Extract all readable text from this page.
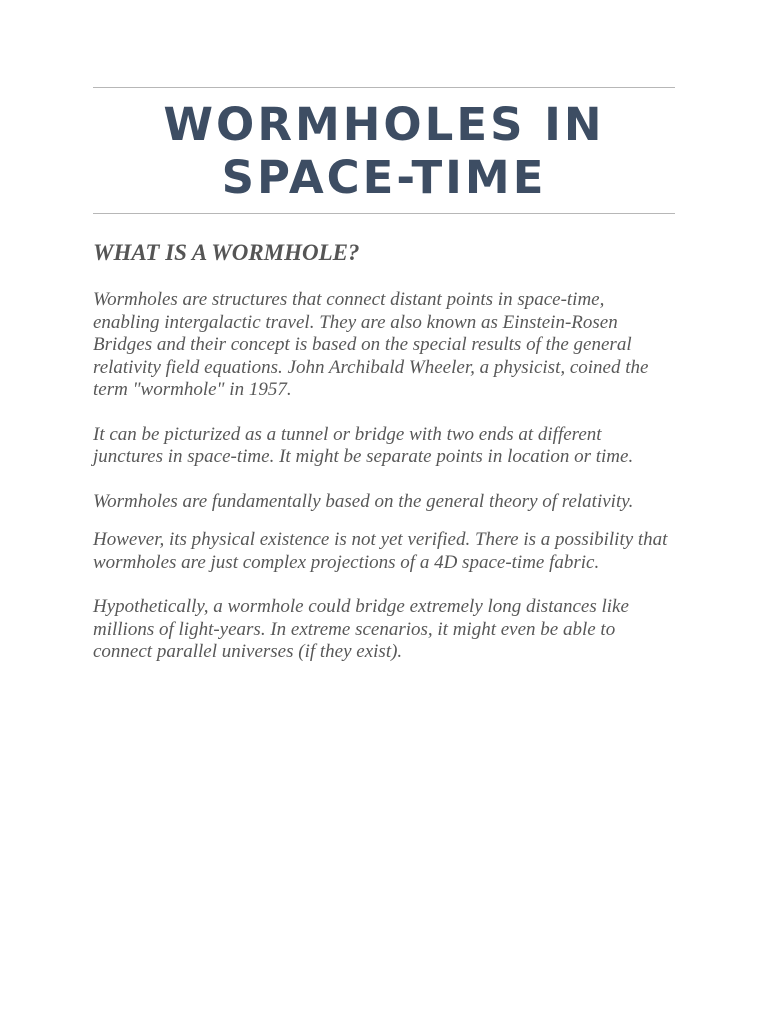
WORMHOLES IN SPACE-TIME
WHAT IS A WORMHOLE?

Wormholes are structures that connect distant points in space-time, enabling intergalactic travel. They are also known as Einstein-Rosen Bridges and their concept is based on the special results of the general relativity field equations. John Archibald Wheeler, a physicist, coined the term "wormhole" in 1957.

It can be picturized as a tunnel or bridge with two ends at different junctures in space-time. It might be separate points in location or time.

Wormholes are fundamentally based on the general theory of relativity.

However, its physical existence is not yet verified. There is a possibility that wormholes are just complex projections of a 4D space-time fabric.

Hypothetically, a wormhole could bridge extremely long distances like millions of light-years. In extreme scenarios, it might even be able to connect parallel universes (if they exist).
